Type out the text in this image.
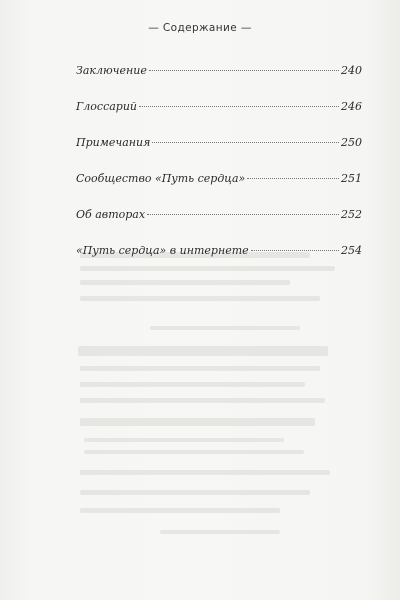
— Содержание —
Заключение	240
Глоссарий	246
Примечания	250
Сообщество «Путь сердца»	251
Об авторах	252
«Путь сердца» в интернете	254
